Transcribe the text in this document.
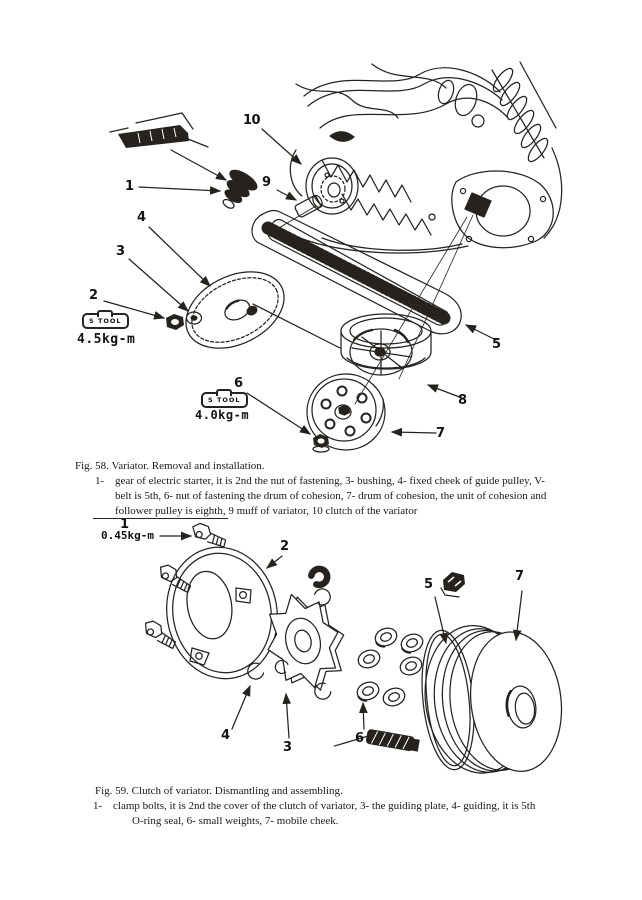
1
2
3
4
5
6
7
8
9
10
S TOOL
4.5kg-m
S TOOL
4.0kg-m
Fig. 58. Variator. Removal and installation.
1- gear of electric starter, it is 2nd the nut of fastening, 3- bushing, 4- fixed cheek of guide pulley, V-
belt is 5th, 6- nut of fastening the drum of cohesion, 7- drum of cohesion, the unit of cohesion and
follower pulley is eighth, 9 muff of variator, 10 clutch of the variator
1
2
3
4
5
6
7
0.45kg-m
Fig. 59. Clutch of variator. Dismantling and assembling.
1- clamp bolts, it is 2nd the cover of the clutch of variator, 3- the guiding plate, 4- guiding, it is 5th
O-ring seal, 6- small weights, 7- mobile cheek.
